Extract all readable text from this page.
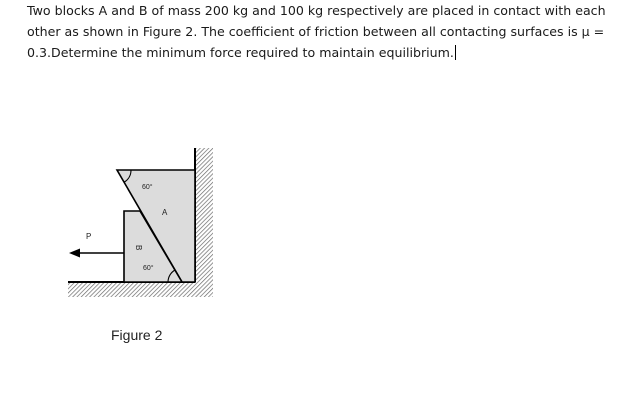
Two blocks A and B of mass 200 kg and 100 kg respectively are placed in contact with each
other as shown in Figure 2. The coefficient of friction between all contacting surfaces is μ =
0.3.Determine the minimum force required to maintain equilibrium.
P
A
B
60°
60°
Figure 2
